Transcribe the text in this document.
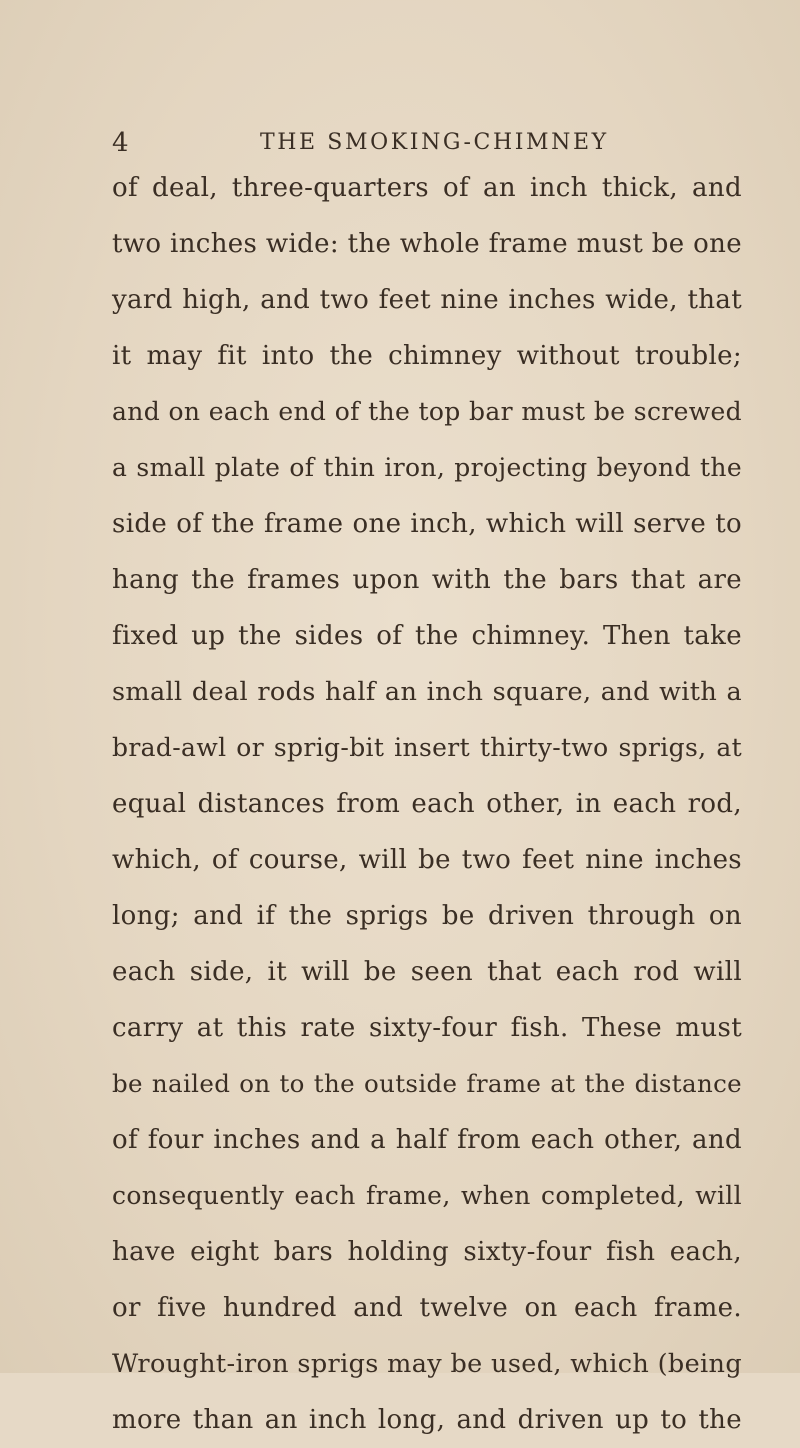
4	THE SMOKING-CHIMNEY
of deal, three-quarters of an inch thick, and
two inches wide: the whole frame must be one
yard high, and two feet nine inches wide, that
it may fit into the chimney without trouble;
and on each end of the top bar must be screwed
a small plate of thin iron, projecting beyond the
side of the frame one inch, which will serve to
hang the frames upon with the bars that are
fixed up the sides of the chimney. Then take
small deal rods half an inch square, and with a
brad-awl or sprig-bit insert thirty-two sprigs, at
equal distances from each other, in each rod,
which, of course, will be two feet nine inches
long; and if the sprigs be driven through on
each side, it will be seen that each rod will
carry at this rate sixty-four fish. These must
be nailed on to the outside frame at the distance
of four inches and a half from each other, and
consequently each frame, when completed, will
have eight bars holding sixty-four fish each,
or five hundred and twelve on each frame.
Wrought-iron sprigs may be used, which (being
more than an inch long, and driven up to the
